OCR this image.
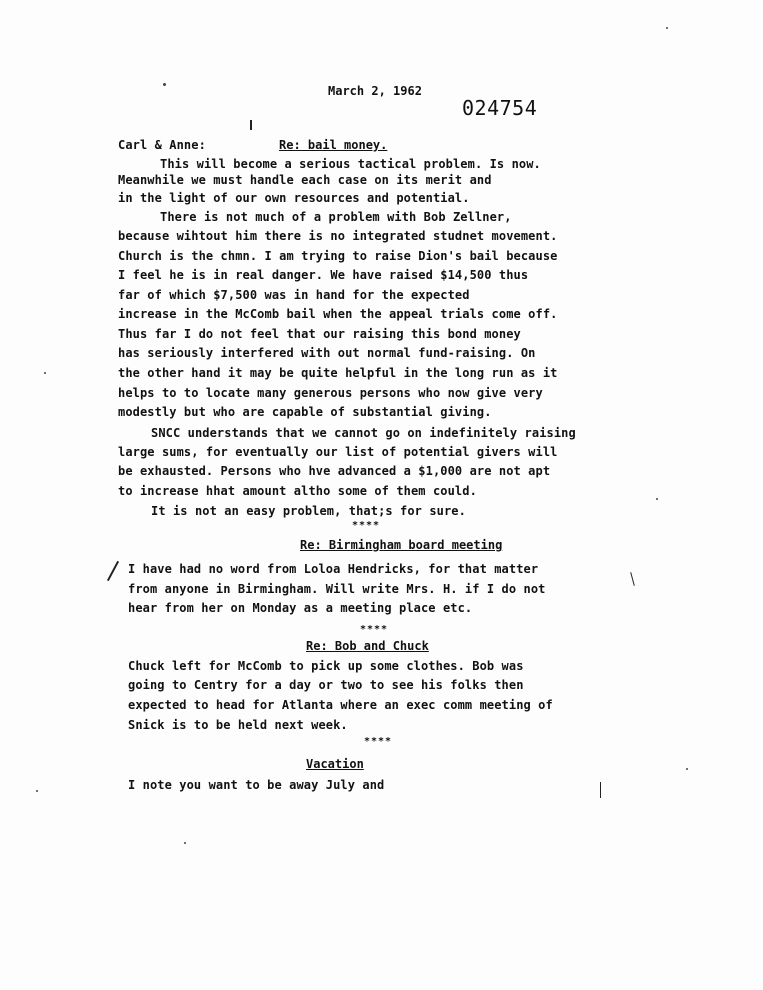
March 2, 1962
024754
Carl & Anne:	Re: bail money.
This will become a serious tactical problem. Is now.
Meanwhile we must handle each case on its merit and
in the light of our own resources and potential.
There is not much of a problem with Bob Zellner,
because wihtout him there is no integrated studnet movement.
Church is the chmn. I am trying to raise Dion's bail because
I feel he is in real danger. We have raised $14,500 thus
far of which $7,500 was in hand for the expected
increase in the McComb bail when the appeal trials come off.
Thus far I do not feel that our raising this bond money
has seriously interfered with out normal fund-raising. On
the other hand it may be quite helpful in the long run as it
helps to to locate many generous persons who now give very
modestly but who are capable of substantial giving.
SNCC understands that we cannot go on indefinitely raising
large sums, for eventually our list of potential givers will
be exhausted. Persons who hve advanced a $1,000 are not apt
to increase hhat amount altho some of them could.
It is not an easy problem, that;s for sure.
****
Re: Birmingham board meeting
I have had no word from Loloa Hendricks, for that matter
from anyone in Birmingham. Will write Mrs. H. if I do not
hear from her on Monday as a meeting place etc.
****
Re: Bob and Chuck
Chuck left for McComb to pick up some clothes. Bob was
going to Centry for a day or two to see his folks then
expected to head for Atlanta where an exec comm meeting of
Snick is to be held next week.
****
Vacation
I note you want to be away July and
